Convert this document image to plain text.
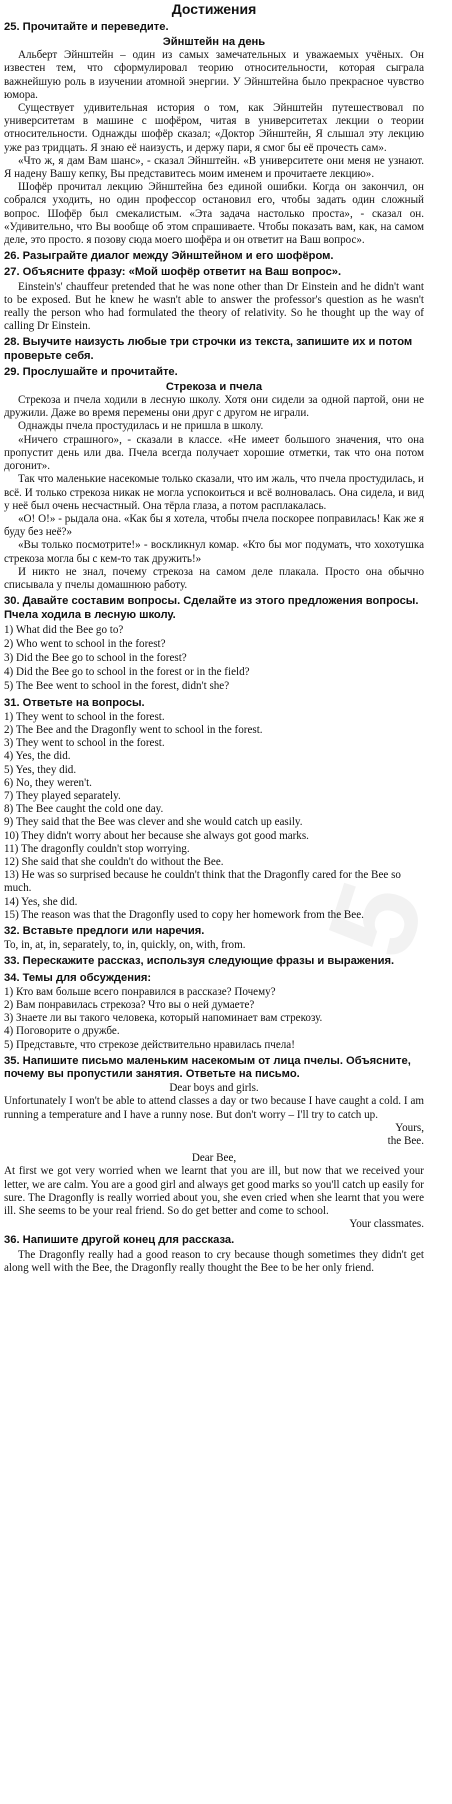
Достижения
25. Прочитайте и переведите.
Эйнштейн на день

Альберт Эйнштейн – один из самых замечательных и уважаемых учёных. Он известен тем, что сформулировал теорию относительности, которая сыграла важнейшую роль в изучении атомной энергии. У Эйнштейна было прекрасное чувство юмора.

Существует удивительная история о том, как Эйнштейн путешествовал по университетам в машине с шофёром, читая в университетах лекции о теории относительности. Однажды шофёр сказал; «Доктор Эйнштейн, Я слышал эту лекцию уже раз тридцать. Я знаю её наизусть, и держу пари, я смог бы её прочесть сам».

«Что ж, я дам Вам шанс», - сказал Эйнштейн. «В университете они меня не узнают. Я надену Вашу кепку, Вы представитесь моим именем и прочитаете лекцию».

Шофёр прочитал лекцию Эйнштейна без единой ошибки. Когда он закончил, он собрался уходить, но один профессор остановил его, чтобы задать один сложный вопрос. Шофёр был смекалистым. «Эта задача настолько проста», - сказал он. «Удивительно, что Вы вообще об этом спрашиваете. Чтобы показать вам, как, на самом деле, это просто. я позову сюда моего шофёра и он ответит на Ваш вопрос».

26. Разыграйте диалог между Эйнштейном и его шофёром.
27. Объясните фразу: «Мой шофёр ответит на Ваш вопрос».

Einstein's' chauffeur pretended that he was none other than Dr Einstein and he didn't want to be exposed. But he knew he wasn't able to answer the professor's question as he wasn't really the person who had formulated the theory of relativity. So he thought up the way of calling Dr Einstein.

28. Выучите наизусть любые три строчки из текста, запишите их и потом проверьте себя.
29. Прослушайте и прочитайте.
Стрекоза и пчела

Стрекоза и пчела ходили в лесную школу. Хотя они сидели за одной партой, они не дружили. Даже во время перемены они друг с другом не играли.

Однажды пчела простудилась и не пришла в школу.

«Ничего страшного», - сказали в классе. «Не имеет большого значения, что она пропустит день или два. Пчела всегда получает хорошие отметки, так что она потом догонит».

Так что маленькие насекомые только сказали, что им жаль, что пчела простудилась, и всё. И только стрекоза никак не могла успокоиться и всё волновалась. Она сидела, и вид у неё был очень несчастный. Она тёрла глаза, а потом расплакалась.

«О! О!» - рыдала она. «Как бы я хотела, чтобы пчела поскорее поправилась! Как же я буду без неё?»

«Вы только посмотрите!» - воскликнул комар. «Кто бы мог подумать, что хохотушка стрекоза могла бы с кем-то так дружить!»

И никто не знал, почему стрекоза на самом деле плакала. Просто она обычно списывала у пчелы домашнюю работу.

30. Давайте составим вопросы. Сделайте из этого предложения вопросы.
Пчела ходила в лесную школу.
1) What did the Bee go to?
2) Who went to school in the forest?
3) Did the Bee go to school in the forest?
4) Did the Bee go to school in the forest or in the field?
5) The Bee went to school in the forest, didn't she?
31. Ответьте на вопросы.
1) They went to school in the forest.
2) The Bee and the Dragonfly went to school in the forest.
3) They went to school in the forest.
4) Yes, the did.
5) Yes, they did.
6) No, they weren't.
7) They played separately.
8) The Bee caught the cold one day.
9) They said that the Bee was clever and she would catch up easily.
10) They didn't worry about her because she always got good marks.
11) The dragonfly couldn't stop worrying.
12) She said that she couldn't do without the Bee.
13) He was so surprised because he couldn't think that the Dragonfly cared for the Bee so much.
14) Yes, she did.
15) The reason was that the Dragonfly used to copy her homework from the Bee.
32. Вставьте предлоги или наречия.
To, in, at, in, separately, to, in, quickly, on, with, from.
33. Перескажите рассказ, используя следующие фразы и выражения.
34. Темы для обсуждения:
1) Кто вам больше всего понравился в рассказе? Почему?
2) Вам понравилась стрекоза? Что вы о ней думаете?
3) Знаете ли вы такого человека, который напоминает вам стрекозу.
4) Поговорите о дружбе.
5) Представьте, что стрекозе действительно нравилась пчела!
35. Напишите письмо маленьким насекомым от лица пчелы. Объясните, почему вы пропустили занятия. Ответьте на письмо.

Dear boys and girls.

Unfortunately I won't be able to attend classes a day or two because I have caught a cold. I am running a temperature and I have a runny nose. But don't worry – I'll try to catch up.

Yours,

the Bee.

Dear Bee,

At first we got very worried when we learnt that you are ill, but now that we received your letter, we are calm. You are a good girl and always get good marks so you'll catch up easily for sure. The Dragonfly is really worried about you, she even cried when she learnt that you were ill. She seems to be your real friend. So do get better and come to school.

Your classmates.

36. Напишите другой конец для рассказа.

The Dragonfly really had a good reason to cry because though sometimes they didn't get along well with the Bee, the Dragonfly really thought the Bee to be her only friend.

5
